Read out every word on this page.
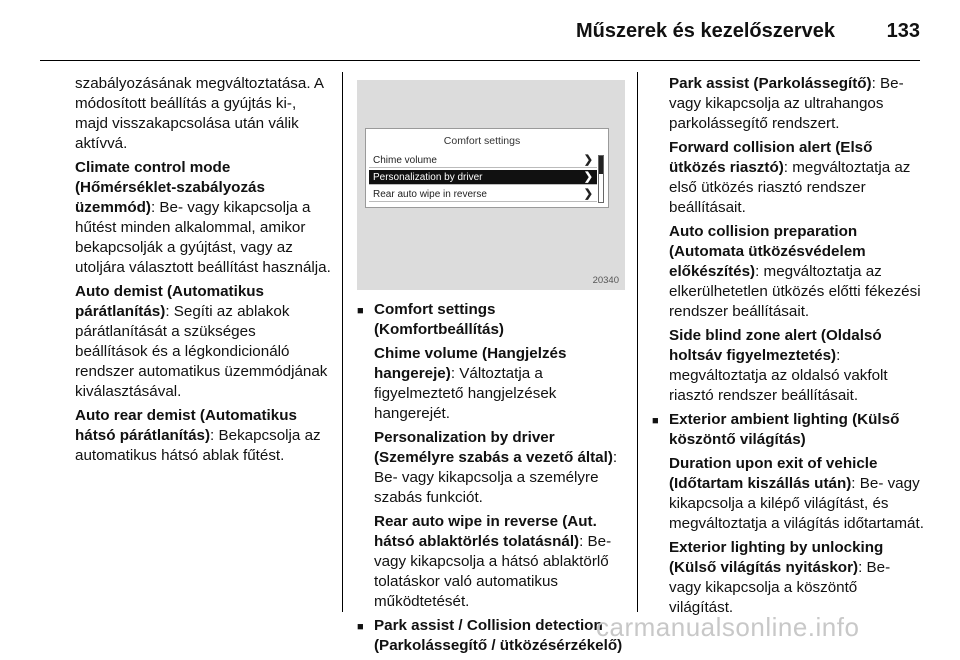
Műszerek és kezelőszervek	133

szabályozásának megváltoztatása. A módosított beállítás a gyújtás ki-, majd visszakapcsolása után válik aktívvá.

Climate control mode (Hőmérséklet-szabályozás üzemmód): Be- vagy kikapcsolja a hűtést minden alkalommal, amikor bekapcsolják a gyújtást, vagy az utoljára választott beállítást használja.

Auto demist (Automatikus párátlanítás): Segíti az ablakok párátlanítását a szükséges beállítások és a légkondicionáló rendszer automatikus üzemmódjának kiválasztásával.

Auto rear demist (Automatikus hátsó párátlanítás): Bekapcsolja az automatikus hátsó ablak fűtést.

Comfort settings
Chime volume	❯
Personalization by driver	❯
Rear auto wipe in reverse	❯
20340
■ Comfort settings (Komfortbeállítás)

Chime volume (Hangjelzés hangereje): Változtatja a figyelmeztető hangjelzések hangerejét.

Personalization by driver (Személyre szabás a vezető által): Be- vagy kikapcsolja a személyre szabás funkciót.

Rear auto wipe in reverse (Aut. hátsó ablaktörlés tolatásnál): Be- vagy kikapcsolja a hátsó ablaktörlő tolatáskor való automatikus működtetését.

■ Park assist / Collision detection (Parkolássegítő / ütközésérzékelő)

Park assist (Parkolássegítő): Be- vagy kikapcsolja az ultrahangos parkolássegítő rendszert.

Forward collision alert (Első ütközés riasztó): megváltoztatja az első ütközés riasztó rendszer beállításait.

Auto collision preparation (Automata ütközésvédelem előkészítés): megváltoztatja az elkerülhetetlen ütközés előtti fékezési rendszer beállításait.

Side blind zone alert (Oldalsó holtsáv figyelmeztetés): megváltoztatja az oldalsó vakfolt riasztó rendszer beállításait.

■ Exterior ambient lighting (Külső köszöntő világítás)

Duration upon exit of vehicle (Időtartam kiszállás után): Be- vagy kikapcsolja a kilépő világítást, és megváltoztatja a világítás időtartamát.

Exterior lighting by unlocking (Külső világítás nyitáskor): Be- vagy kikapcsolja a köszöntő világítást.

carmanualsonline.info
